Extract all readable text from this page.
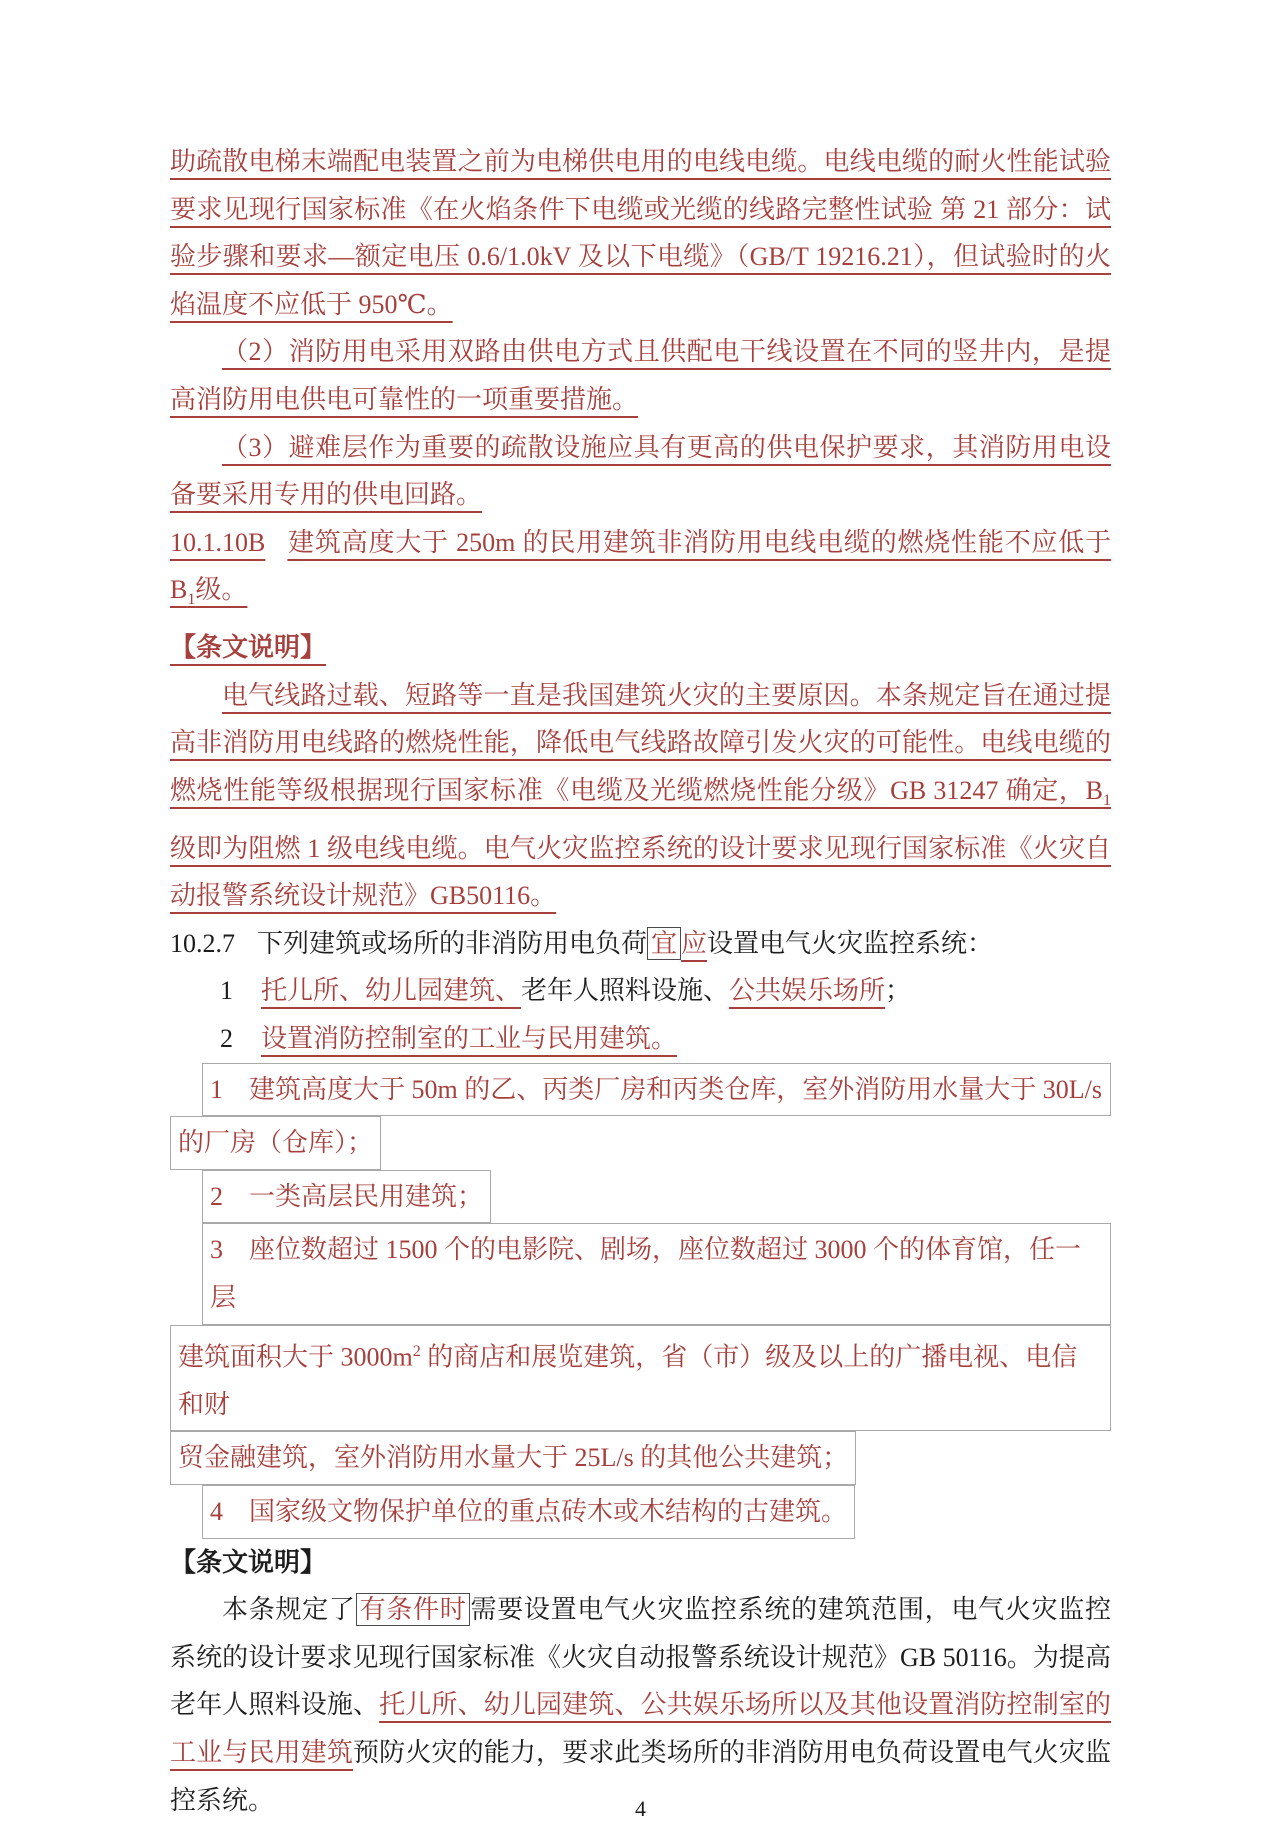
助疏散电梯末端配电装置之前为电梯供电用的电线电缆。电线电缆的耐火性能试验要求见现行国家标准《在火焰条件下电缆或光缆的线路完整性试验 第 21 部分：试验步骤和要求—额定电压 0.6/1.0kV 及以下电缆》（GB/T 19216.21），但试验时的火焰温度不应低于 950℃。

（2）消防用电采用双路由供电方式且供配电干线设置在不同的竖井内，是提高消防用电供电可靠性的一项重要措施。

（3）避难层作为重要的疏散设施应具有更高的供电保护要求，其消防用电设备要采用专用的供电回路。

10.1.10B 建筑高度大于 250m 的民用建筑非消防用电线电缆的燃烧性能不应低于 $B_1$级。

【条文说明】

电气线路过载、短路等一直是我国建筑火灾的主要原因。本条规定旨在通过提高非消防用电线路的燃烧性能，降低电气线路故障引发火灾的可能性。电线电缆的燃烧性能等级根据现行国家标准《电缆及光缆燃烧性能分级》GB 31247 确定，$B_1$ 级即为阻燃 1 级电线电缆。电气火灾监控系统的设计要求见现行国家标准《火灾自动报警系统设计规范》GB50116。

10.2.7 下列建筑或场所的非消防用电负荷 宜 应设置电气火灾监控系统：

1 托儿所、幼儿园建筑、老年人照料设施、公共娱乐场所；

2 设置消防控制室的工业与民用建筑。

1　建筑高度大于 50m 的乙、丙类厂房和丙类仓库，室外消防用水量大于 30L/s
的厂房（仓库）；
2　一类高层民用建筑；
3　座位数超过 1500 个的电影院、剧场，座位数超过 3000 个的体育馆，任一层
建筑面积大于 $3000m^2$ 的商店和展览建筑，省（市）级及以上的广播电视、电信和财
贸金融建筑，室外消防用水量大于 25L/s 的其他公共建筑；
4　国家级文物保护单位的重点砖木或木结构的古建筑。

【条文说明】

本条规定了 有条件时 需要设置电气火灾监控系统的建筑范围，电气火灾监控系统的设计要求见现行国家标准《火灾自动报警系统设计规范》GB 50116。为提高老年人照料设施、托儿所、幼儿园建筑、公共娱乐场所以及其他设置消防控制室的工业与民用建筑预防火灾的能力，要求此类场所的非消防用电负荷设置电气火灾监控系统。	4
